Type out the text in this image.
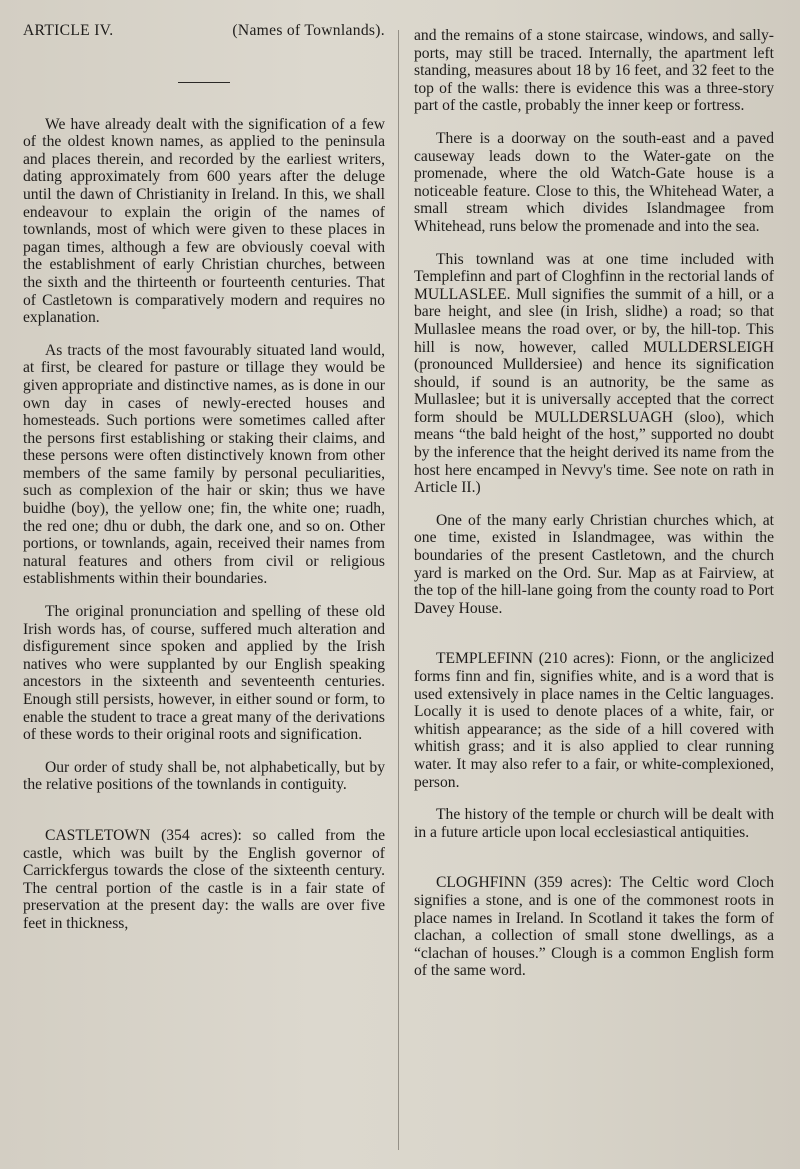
ARTICLE IV.	(Names of Townlands).

We have already dealt with the signification of a few of the oldest known names, as applied to the peninsula and places therein, and recorded by the earliest writers, dating approximately from 600 years after the deluge until the dawn of Christianity in Ireland. In this, we shall endeavour to explain the origin of the names of townlands, most of which were given to these places in pagan times, although a few are obviously coeval with the establishment of early Christian churches, between the sixth and the thirteenth or fourteenth centuries. That of Castletown is comparatively modern and requires no explanation.

As tracts of the most favourably situated land would, at first, be cleared for pasture or tillage they would be given appropriate and distinctive names, as is done in our own day in cases of newly-erected houses and homesteads. Such portions were sometimes called after the persons first establishing or staking their claims, and these persons were often distinctively known from other members of the same family by personal peculiarities, such as complexion of the hair or skin; thus we have buidhe (boy), the yellow one; fin, the white one; ruadh, the red one; dhu or dubh, the dark one, and so on. Other portions, or townlands, again, received their names from natural features and others from civil or religious establishments within their boundaries.

The original pronunciation and spelling of these old Irish words has, of course, suffered much alteration and disfigurement since spoken and applied by the Irish natives who were supplanted by our English speaking ancestors in the sixteenth and seventeenth centuries. Enough still persists, however, in either sound or form, to enable the student to trace a great many of the derivations of these words to their original roots and signification.

Our order of study shall be, not alphabetically, but by the relative positions of the townlands in contiguity.

CASTLETOWN (354 acres): so called from the castle, which was built by the English governor of Carrickfergus towards the close of the sixteenth century. The central portion of the castle is in a fair state of preservation at the present day: the walls are over five feet in thickness,

and the remains of a stone staircase, windows, and sally-ports, may still be traced. Internally, the apartment left standing, measures about 18 by 16 feet, and 32 feet to the top of the walls: there is evidence this was a three-story part of the castle, probably the inner keep or fortress.

There is a doorway on the south-east and a paved causeway leads down to the Water-gate on the promenade, where the old Watch-Gate house is a noticeable feature. Close to this, the Whitehead Water, a small stream which divides Islandmagee from Whitehead, runs below the promenade and into the sea.

This townland was at one time included with Templefinn and part of Cloghfinn in the rectorial lands of MULLASLEE. Mull signifies the summit of a hill, or a bare height, and slee (in Irish, slidhe) a road; so that Mullaslee means the road over, or by, the hill-top. This hill is now, however, called MULLDERSLEIGH (pronounced Mulldersiee) and hence its signification should, if sound is an autnority, be the same as Mullaslee; but it is universally accepted that the correct form should be MULLDERSLUAGH (sloo), which means “the bald height of the host,” supported no doubt by the inference that the height derived its name from the host here encamped in Nevvy's time. See note on rath in Article II.)

One of the many early Christian churches which, at one time, existed in Islandmagee, was within the boundaries of the present Castletown, and the church yard is marked on the Ord. Sur. Map as at Fairview, at the top of the hill-lane going from the county road to Port Davey House.

TEMPLEFINN (210 acres): Fionn, or the anglicized forms finn and fin, signifies white, and is a word that is used extensively in place names in the Celtic languages. Locally it is used to denote places of a white, fair, or whitish appearance; as the side of a hill covered with whitish grass; and it is also applied to clear running water. It may also refer to a fair, or white-complexioned, person.

The history of the temple or church will be dealt with in a future article upon local ecclesiastical antiquities.

CLOGHFINN (359 acres): The Celtic word Cloch signifies a stone, and is one of the commonest roots in place names in Ireland. In Scotland it takes the form of clachan, a collection of small stone dwellings, as a “clachan of houses.” Clough is a common English form of the same word.
